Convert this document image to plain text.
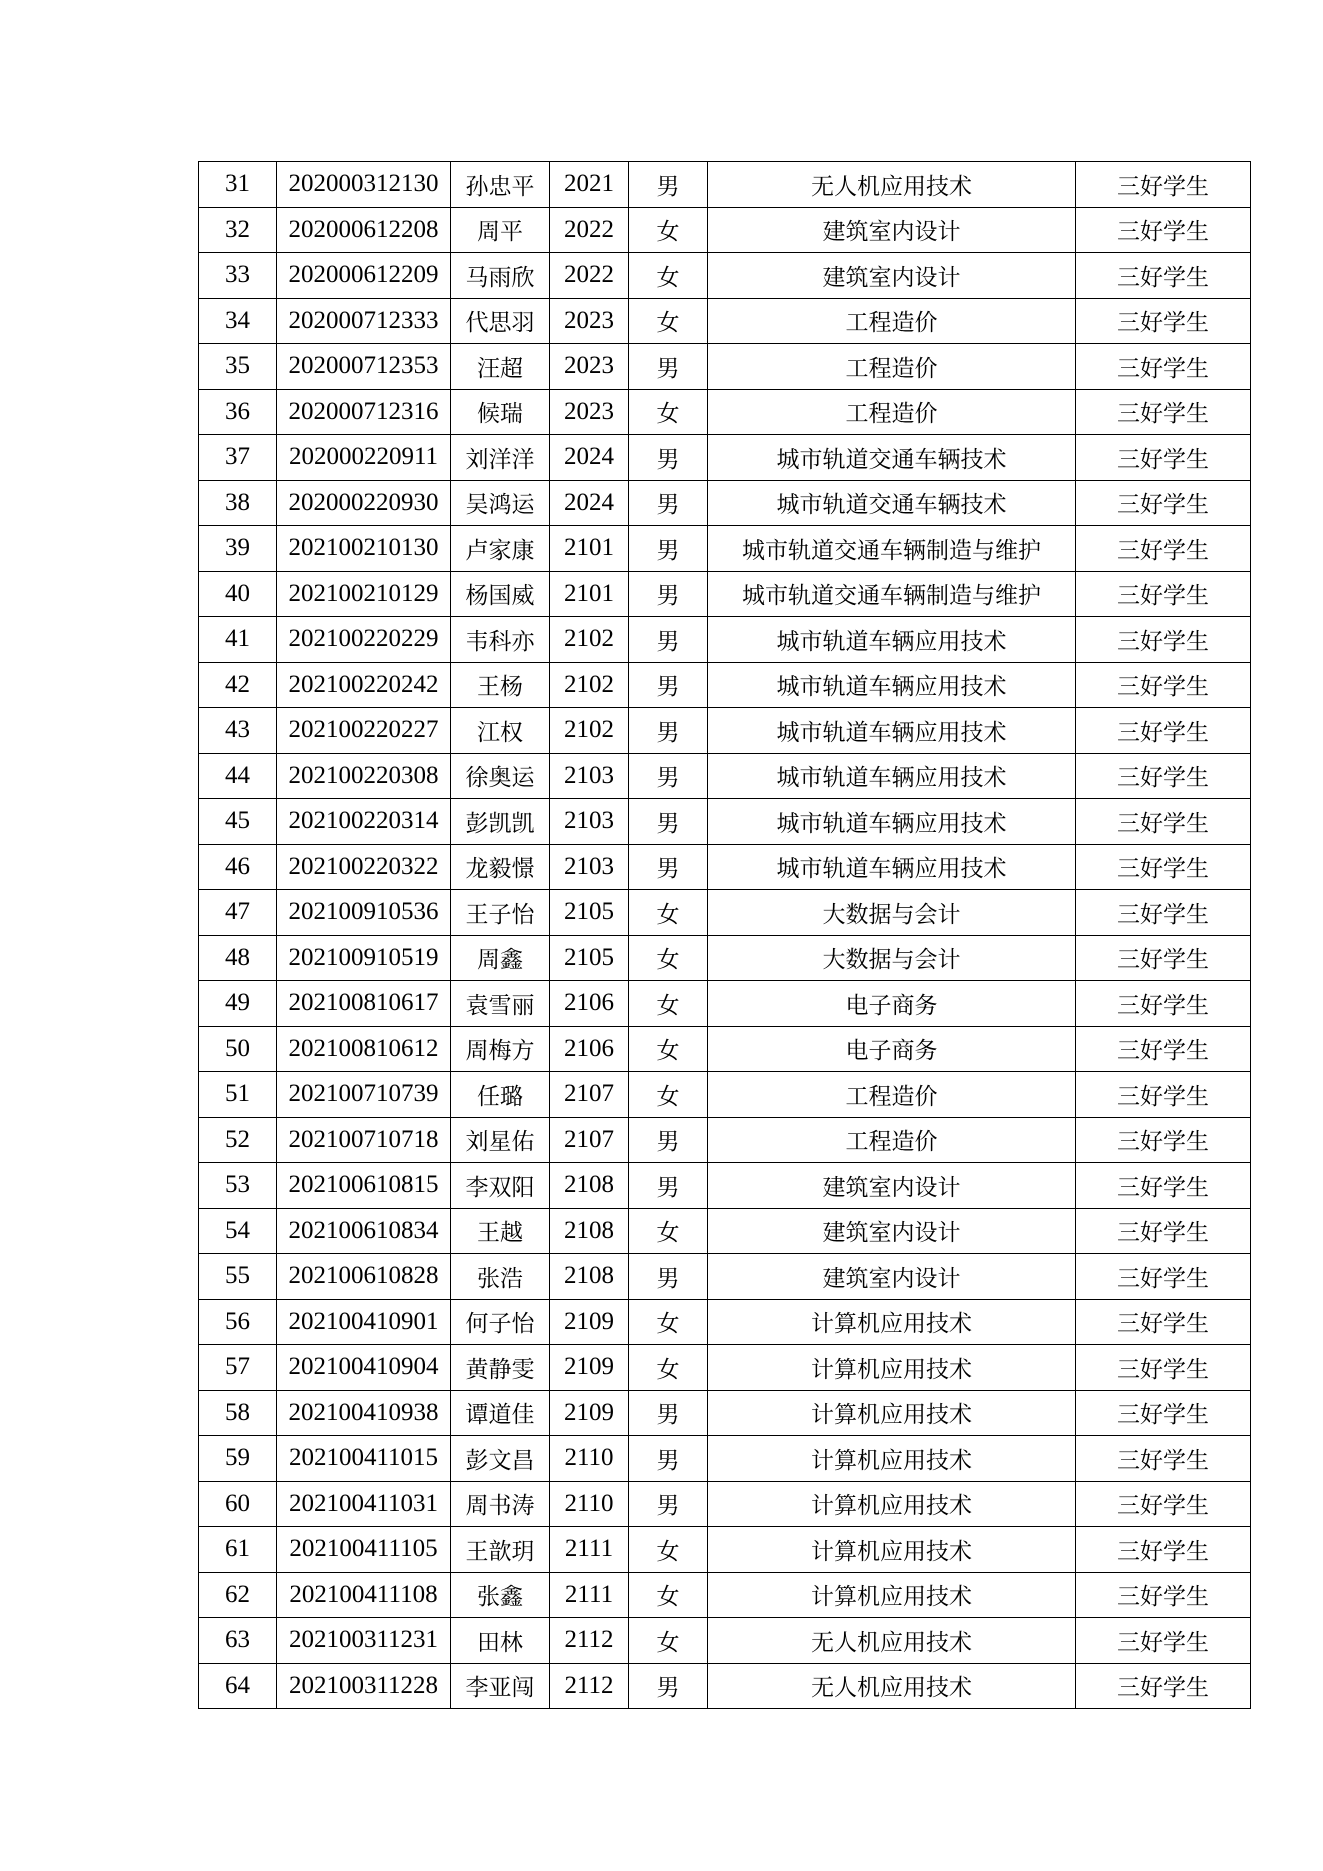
31	202000312130	孙忠平	2021	男	无人机应用技术	三好学生
32	202000612208	周平	2022	女	建筑室内设计	三好学生
33	202000612209	马雨欣	2022	女	建筑室内设计	三好学生
34	202000712333	代思羽	2023	女	工程造价	三好学生
35	202000712353	汪超	2023	男	工程造价	三好学生
36	202000712316	候瑞	2023	女	工程造价	三好学生
37	202000220911	刘洋洋	2024	男	城市轨道交通车辆技术	三好学生
38	202000220930	吴鸿运	2024	男	城市轨道交通车辆技术	三好学生
39	202100210130	卢家康	2101	男	城市轨道交通车辆制造与维护	三好学生
40	202100210129	杨国威	2101	男	城市轨道交通车辆制造与维护	三好学生
41	202100220229	韦科亦	2102	男	城市轨道车辆应用技术	三好学生
42	202100220242	王杨	2102	男	城市轨道车辆应用技术	三好学生
43	202100220227	江权	2102	男	城市轨道车辆应用技术	三好学生
44	202100220308	徐奥运	2103	男	城市轨道车辆应用技术	三好学生
45	202100220314	彭凯凯	2103	男	城市轨道车辆应用技术	三好学生
46	202100220322	龙毅憬	2103	男	城市轨道车辆应用技术	三好学生
47	202100910536	王子怡	2105	女	大数据与会计	三好学生
48	202100910519	周鑫	2105	女	大数据与会计	三好学生
49	202100810617	袁雪丽	2106	女	电子商务	三好学生
50	202100810612	周梅方	2106	女	电子商务	三好学生
51	202100710739	任璐	2107	女	工程造价	三好学生
52	202100710718	刘星佑	2107	男	工程造价	三好学生
53	202100610815	李双阳	2108	男	建筑室内设计	三好学生
54	202100610834	王越	2108	女	建筑室内设计	三好学生
55	202100610828	张浩	2108	男	建筑室内设计	三好学生
56	202100410901	何子怡	2109	女	计算机应用技术	三好学生
57	202100410904	黄静雯	2109	女	计算机应用技术	三好学生
58	202100410938	谭道佳	2109	男	计算机应用技术	三好学生
59	202100411015	彭文昌	2110	男	计算机应用技术	三好学生
60	202100411031	周书涛	2110	男	计算机应用技术	三好学生
61	202100411105	王歆玥	2111	女	计算机应用技术	三好学生
62	202100411108	张鑫	2111	女	计算机应用技术	三好学生
63	202100311231	田林	2112	女	无人机应用技术	三好学生
64	202100311228	李亚闯	2112	男	无人机应用技术	三好学生
